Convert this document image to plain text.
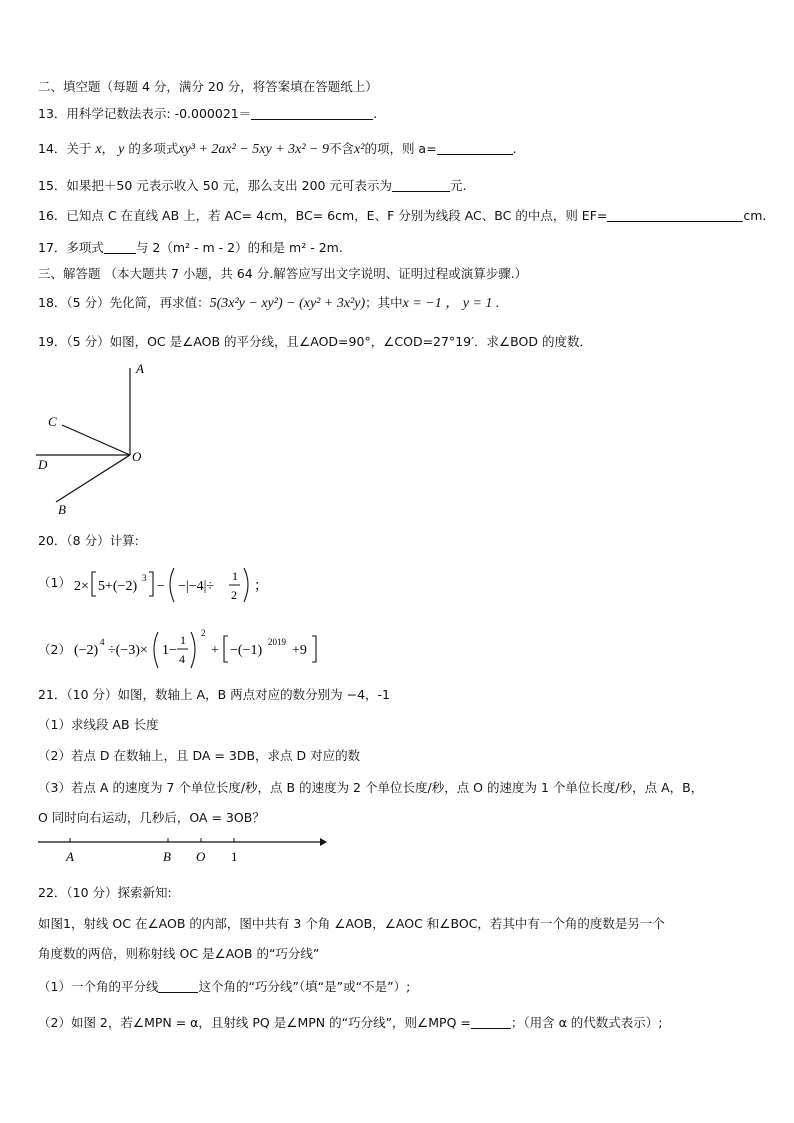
二、填空题（每题 4 分，满分 20 分，将答案填在答题纸上）
13．用科学记数法表示: -0.000021＝	.
14．关于 x， y 的多项式xy³ + 2ax² − 5xy + 3x² − 9不含x²的项，则 a=	.
15．如果把＋50 元表示收入 50 元，那么支出 200 元可表示为	元.
16．已知点 C 在直线 AB 上，若 AC= 4cm，BC= 6cm，E、F 分别为线段 AC、BC 的中点，则 EF=	cm.
17．多项式	与 2（m² - m - 2）的和是 m² - 2m.
三、解答题 （本大题共 7 小题，共 64 分.解答应写出文字说明、证明过程或演算步骤.）
18．（5 分）先化简，再求值：5(3x²y − xy²) − (xy² + 3x²y)；其中x = −1 ， y = 1 .
19．（5 分）如图，OC 是∠AOB 的平分线，且∠AOD=90°，∠COD=27°19′．求∠BOD 的度数．
A
C
D
O
B
20．（8 分）计算:
（1） 2× 5+(−2)
3
− −|−4|÷
1
2
；
（2） (−2)
4
÷(−3)× 1−
1
4
2
+ −(−1)
2019
+9
21．（10 分）如图，数轴上 A，B 两点对应的数分别为 −4，-1
（1）求线段 AB 长度
（2）若点 D 在数轴上，且 DA = 3DB，求点 D 对应的数
（3）若点 A 的速度为 7 个单位长度/秒，点 B 的速度为 2 个单位长度/秒，点 O 的速度为 1 个单位长度/秒，点 A，B，
O 同时向右运动，几秒后，OA = 3OB？
A	B O 1
22．（10 分）探索新知:
如图1，射线 OC 在∠AOB 的内部，图中共有 3 个角 ∠AOB，∠AOC 和∠BOC，若其中有一个角的度数是另一个
角度数的两倍，则称射线 OC 是∠AOB 的“巧分线”
（1）一个角的平分线	这个角的“巧分线”（填“是”或“不是”）;
（2）如图 2，若∠MPN = α，且射线 PQ 是∠MPN 的“巧分线”，则∠MPQ =	；（用含 α 的代数式表示）;
